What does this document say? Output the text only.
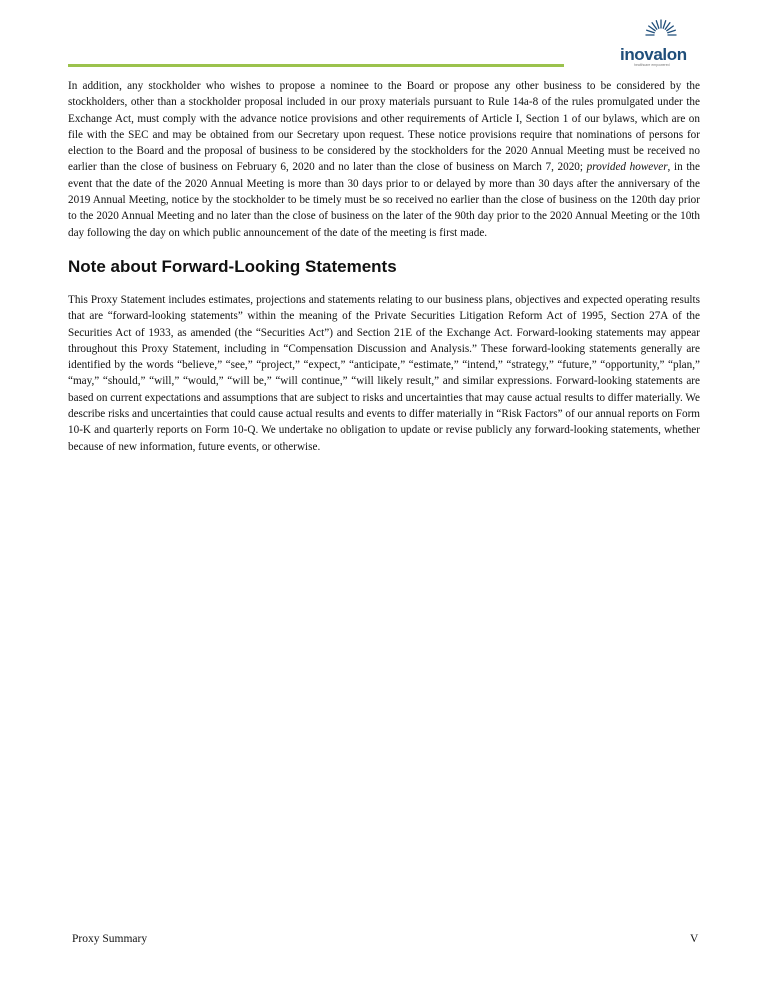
inovalon
healthcare empowered

In addition, any stockholder who wishes to propose a nominee to the Board or propose any other business to be considered by the stockholders, other than a stockholder proposal included in our proxy materials pursuant to Rule 14a‑8 of the rules promulgated under the Exchange Act, must comply with the advance notice provisions and other requirements of Article I, Section 1 of our bylaws, which are on file with the SEC and may be obtained from our Secretary upon request. These notice provisions require that nominations of persons for election to the Board and the proposal of business to be considered by the stockholders for the 2020 Annual Meeting must be received no earlier than the close of business on February 6, 2020 and no later than the close of business on March 7, 2020; provided however, in the event that the date of the 2020 Annual Meeting is more than 30 days prior to or delayed by more than 30 days after the anniversary of the 2019 Annual Meeting, notice by the stockholder to be timely must be so received no earlier than the close of business on the 120th day prior to the 2020 Annual Meeting and no later than the close of business on the later of the 90th day prior to the 2020 Annual Meeting or the 10th day following the day on which public announcement of the date of the meeting is first made.

Note about Forward‑Looking Statements

This Proxy Statement includes estimates, projections and statements relating to our business plans, objectives and expected operating results that are “forward‑looking statements” within the meaning of the Private Securities Litigation Reform Act of 1995, Section 27A of the Securities Act of 1933, as amended (the “Securities Act”) and Section 21E of the Exchange Act. Forward‑looking statements may appear throughout this Proxy Statement, including in “Compensation Discussion and Analysis.” These forward‑looking statements generally are identified by the words “believe,” “see,” “project,” “expect,” “anticipate,” “estimate,” “intend,” “strategy,” “future,” “opportunity,” “plan,” “may,” “should,” “will,” “would,” “will be,” “will continue,” “will likely result,” and similar expressions. Forward‑looking statements are based on current expectations and assumptions that are subject to risks and uncertainties that may cause actual results to differ materially. We describe risks and uncertainties that could cause actual results and events to differ materially in “Risk Factors” of our annual reports on Form 10‑K and quarterly reports on Form 10‑Q. We undertake no obligation to update or revise publicly any forward‑looking statements, whether because of new information, future events, or otherwise.

Proxy Summary	V
